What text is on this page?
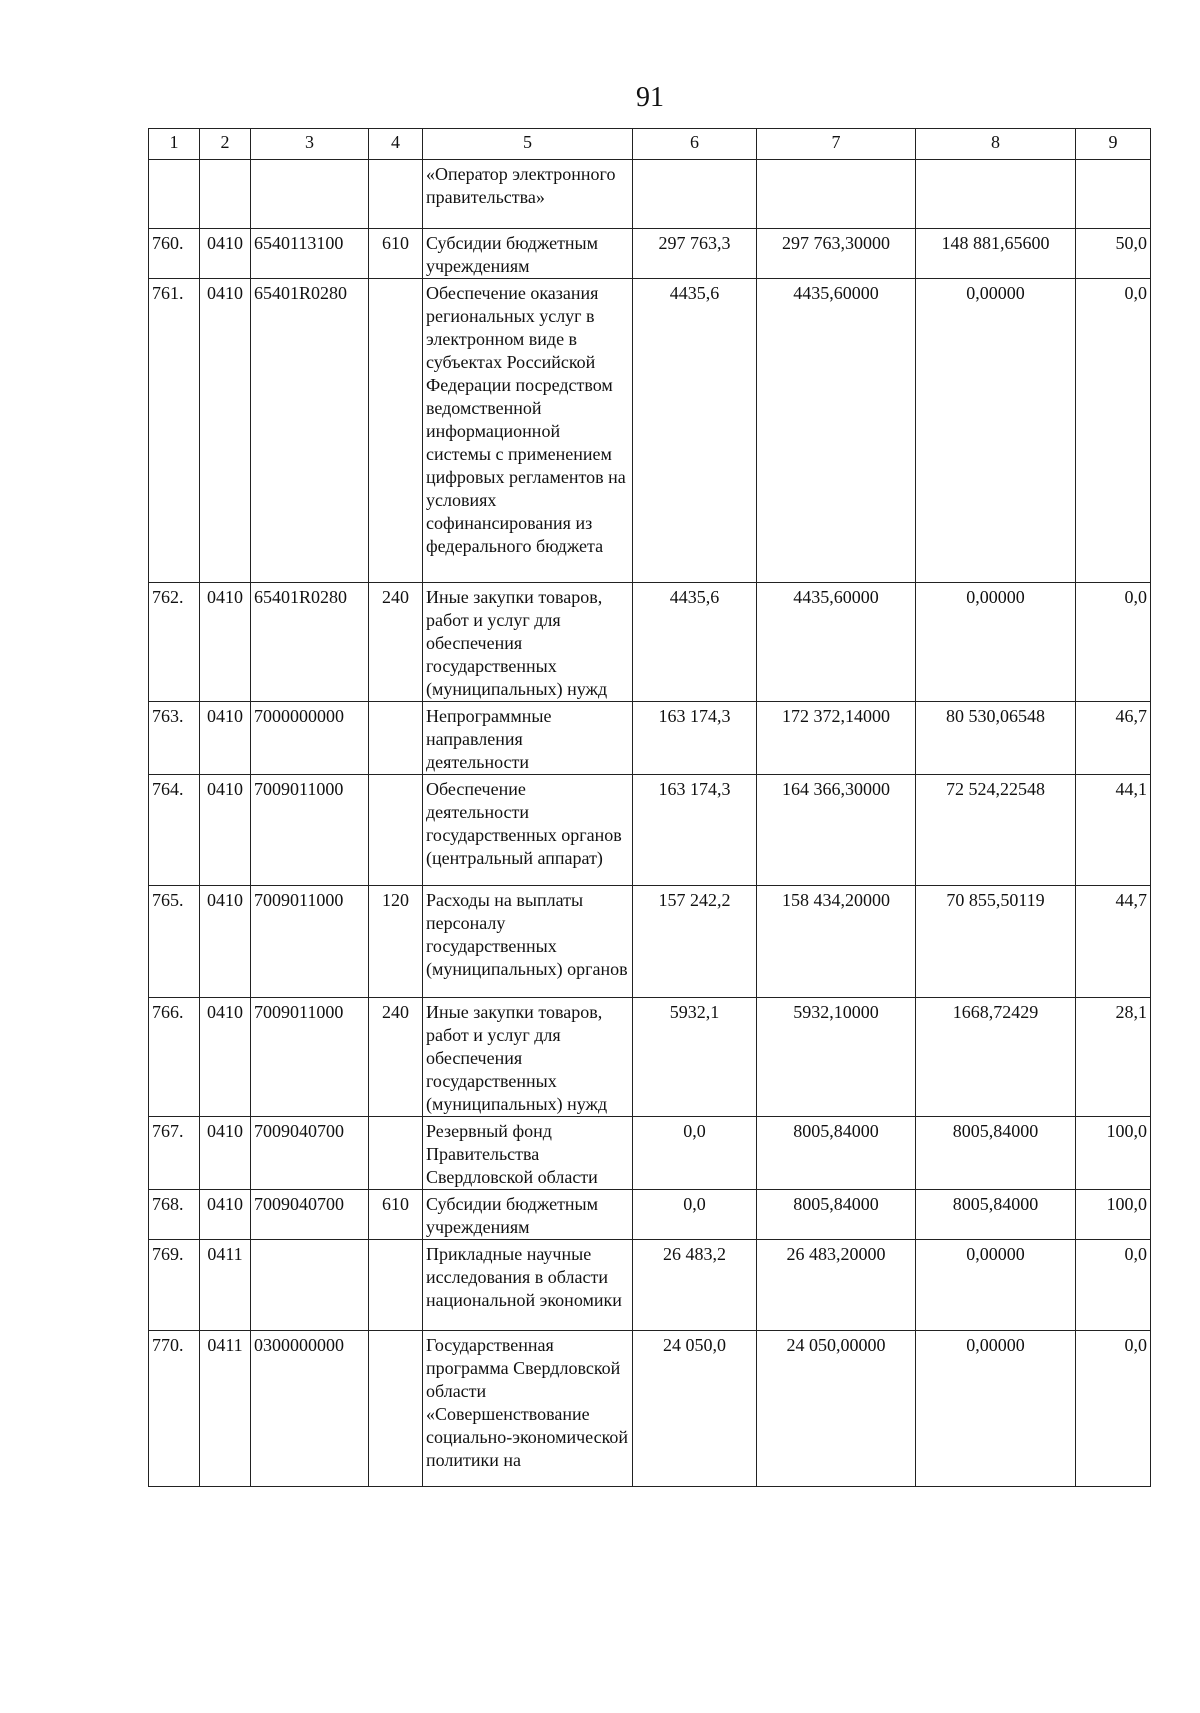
91
1	2	3	4	5	6	7	8	9
				«Оператор электронного правительства»				
760.	0410	6540113100	610	Субсидии бюджетным учреждениям	297 763,3	297 763,30000	148 881,65600	50,0
761.	0410	65401R0280		Обеспечение оказания региональных услуг в электронном виде в субъектах Российской Федерации посредством ведомственной информационной системы с применением цифровых регламентов на условиях софинансирования из федерального бюджета	4435,6	4435,60000	0,00000	0,0
762.	0410	65401R0280	240	Иные закупки товаров, работ и услуг для обеспечения государственных (муниципальных) нужд	4435,6	4435,60000	0,00000	0,0
763.	0410	7000000000		Непрограммные направления деятельности	163 174,3	172 372,14000	80 530,06548	46,7
764.	0410	7009011000		Обеспечение деятельности государственных органов (центральный аппарат)	163 174,3	164 366,30000	72 524,22548	44,1
765.	0410	7009011000	120	Расходы на выплаты персоналу государственных (муниципальных) органов	157 242,2	158 434,20000	70 855,50119	44,7
766.	0410	7009011000	240	Иные закупки товаров, работ и услуг для обеспечения государственных (муниципальных) нужд	5932,1	5932,10000	1668,72429	28,1
767.	0410	7009040700		Резервный фонд Правительства Свердловской области	0,0	8005,84000	8005,84000	100,0
768.	0410	7009040700	610	Субсидии бюджетным учреждениям	0,0	8005,84000	8005,84000	100,0
769.	0411			Прикладные научные исследования в области национальной экономики	26 483,2	26 483,20000	0,00000	0,0
770.	0411	0300000000		Государственная программа Свердловской области «Совершенствование социально-экономической политики на	24 050,0	24 050,00000	0,00000	0,0
